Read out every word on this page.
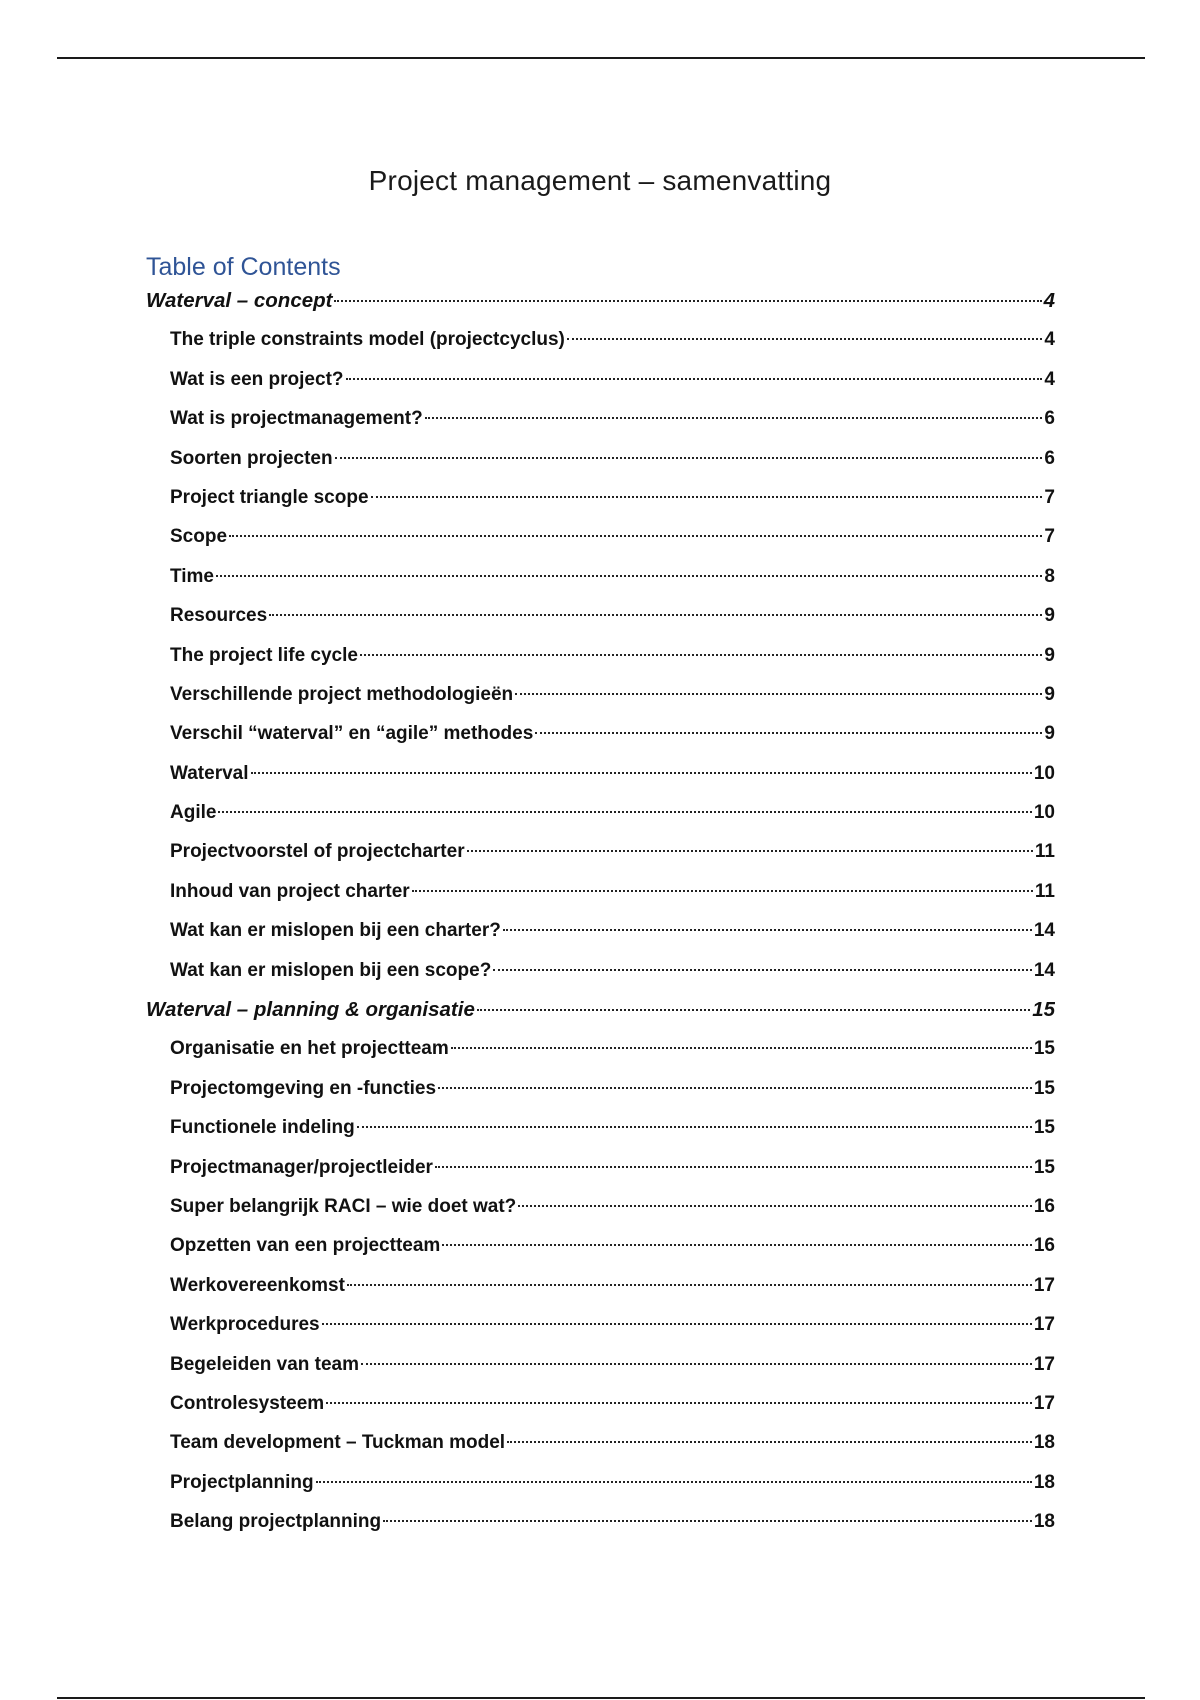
Project management – samenvatting
Table of Contents
Waterval – concept	4
The triple constraints model (projectcyclus)	4
Wat is een project?	4
Wat is projectmanagement?	6
Soorten projecten	6
Project triangle scope	7
Scope	7
Time	8
Resources	9
The project life cycle	9
Verschillende project methodologieën	9
Verschil “waterval” en “agile” methodes	9
Waterval	10
Agile	10
Projectvoorstel of projectcharter	11
Inhoud van project charter	11
Wat kan er mislopen bij een charter?	14
Wat kan er mislopen bij een scope?	14
Waterval – planning & organisatie	15
Organisatie en het projectteam	15
Projectomgeving en -functies	15
Functionele indeling	15
Projectmanager/projectleider	15
Super belangrijk RACI – wie doet wat?	16
Opzetten van een projectteam	16
Werkovereenkomst	17
Werkprocedures	17
Begeleiden van team	17
Controlesysteem	17
Team development – Tuckman model	18
Projectplanning	18
Belang projectplanning	18
